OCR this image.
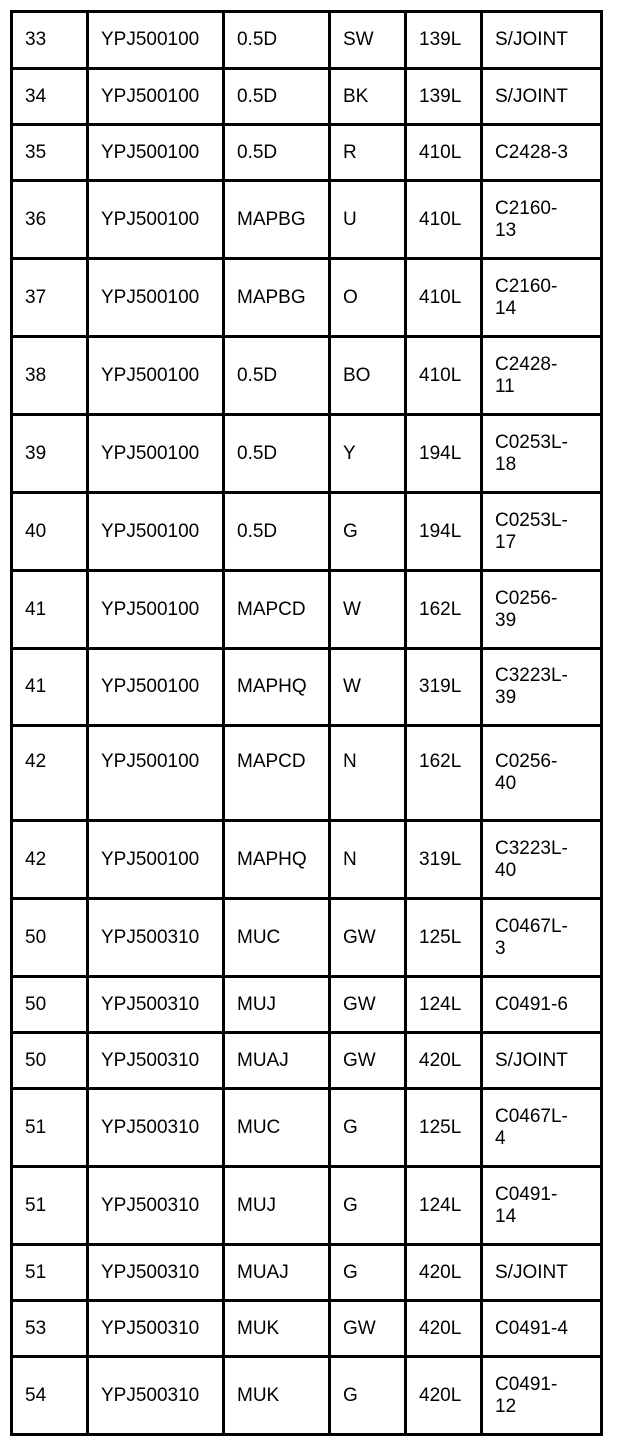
33	YPJ500100	0.5D	SW	139L	S/JOINT

34	YPJ500100	0.5D	BK	139L	S/JOINT

35	YPJ500100	0.5D	R	410L	C2428-3

36	YPJ500100	MAPBG	U	410L	C2160-
13

37	YPJ500100	MAPBG	O	410L	C2160-
14

38	YPJ500100	0.5D	BO	410L	C2428-
11

39	YPJ500100	0.5D	Y	194L	C0253L-
18

40	YPJ500100	0.5D	G	194L	C0253L-
17

41	YPJ500100	MAPCD	W	162L	C0256-
39

41	YPJ500100	MAPHQ	W	319L	C3223L-
39

42	YPJ500100	MAPCD	N	162L	C0256-
40

42	YPJ500100	MAPHQ	N	319L	C3223L-
40

50	YPJ500310	MUC	GW	125L	C0467L-
3

50	YPJ500310	MUJ	GW	124L	C0491-6

50	YPJ500310	MUAJ	GW	420L	S/JOINT

51	YPJ500310	MUC	G	125L	C0467L-
4

51	YPJ500310	MUJ	G	124L	C0491-
14

51	YPJ500310	MUAJ	G	420L	S/JOINT

53	YPJ500310	MUK	GW	420L	C0491-4

54	YPJ500310	MUK	G	420L	C0491-
12
